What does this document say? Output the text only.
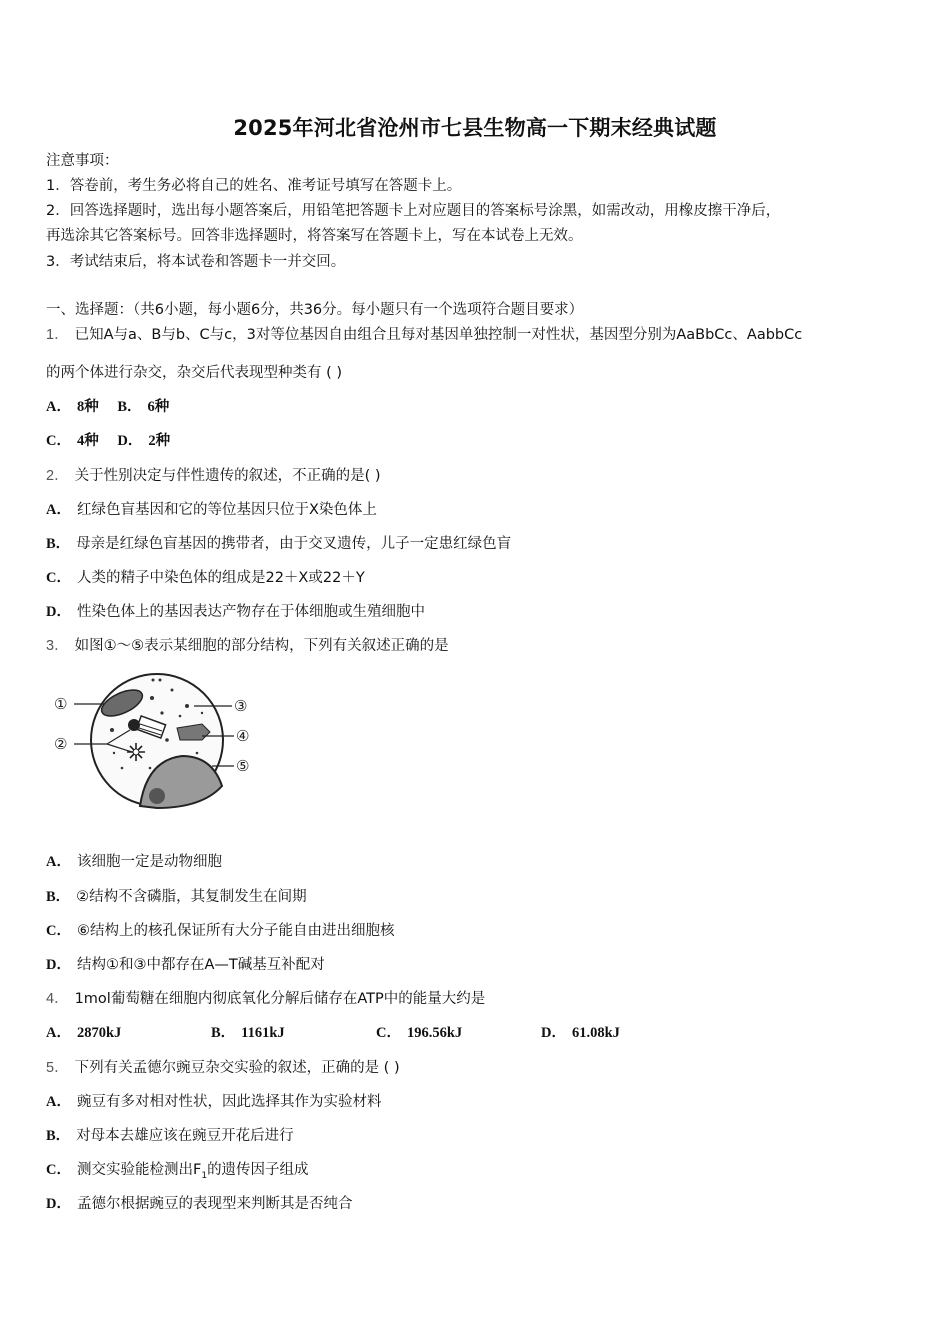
2025年河北省沧州市七县生物高一下期末经典试题
注意事项：
1．答卷前，考生务必将自己的姓名、准考证号填写在答题卡上。
2．回答选择题时，选出每小题答案后，用铅笔把答题卡上对应题目的答案标号涂黑，如需改动，用橡皮擦干净后，
再选涂其它答案标号。回答非选择题时，将答案写在答题卡上，写在本试卷上无效。
3．考试结束后，将本试卷和答题卡一并交回。
一、选择题：（共6小题，每小题6分，共36分。每小题只有一个选项符合题目要求）
1． 已知A与a、B与b、C与c，3对等位基因自由组合且每对基因单独控制一对性状，基因型分别为AaBbCc、AabbCc
的两个体进行杂交，杂交后代表现型种类有 ( )
A． 8种 B． 6种
C． 4种 D． 2种
2． 关于性别决定与伴性遗传的叙述，不正确的是( )
A． 红绿色盲基因和它的等位基因只位于X染色体上
B． 母亲是红绿色盲基因的携带者，由于交叉遗传，儿子一定患红绿色盲
C． 人类的精子中染色体的组成是22＋X或22＋Y
D． 性染色体上的基因表达产物存在于体细胞或生殖细胞中
3． 如图①～⑤表示某细胞的部分结构，下列有关叙述正确的是
①
②
③
④
⑤
A． 该细胞一定是动物细胞
B． ②结构不含磷脂，其复制发生在间期
C． ⑥结构上的核孔保证所有大分子能自由进出细胞核
D． 结构①和③中都存在A—T碱基互补配对
4． 1mol葡萄糖在细胞内彻底氧化分解后储存在ATP中的能量大约是
A． 2870kJ	B． 1161kJ	C． 196.56kJ	D． 61.08kJ
5． 下列有关孟德尔豌豆杂交实验的叙述，正确的是 ( )
A． 豌豆有多对相对性状，因此选择其作为实验材料
B． 对母本去雄应该在豌豆开花后进行
C． 测交实验能检测出$F_1$的遗传因子组成
D． 孟德尔根据豌豆的表现型来判断其是否纯合
